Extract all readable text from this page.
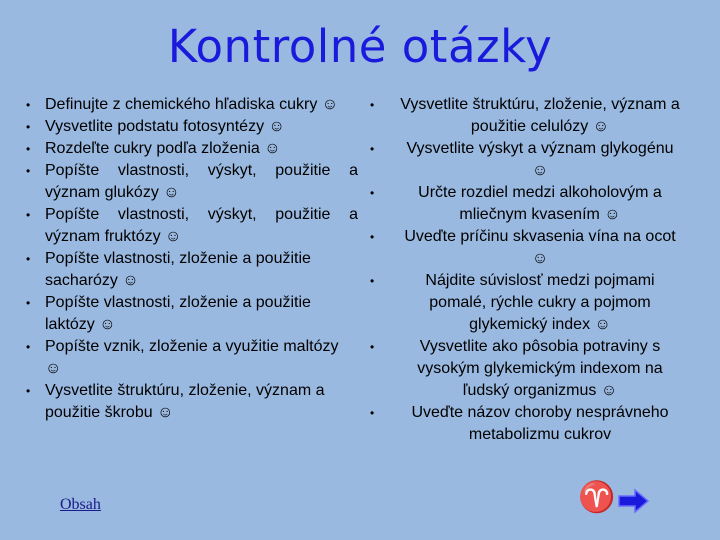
Kontrolné otázky
• Definujte z chemického hľadiska cukry ☺
• Vysvetlite podstatu fotosyntézy ☺
• Rozdeľte cukry podľa zloženia ☺
• Popíšte vlastnosti, výskyt, použitie a význam glukózy ☺
• Popíšte vlastnosti, výskyt, použitie a význam fruktózy ☺
• Popíšte vlastnosti, zloženie a použitie sacharózy ☺
• Popíšte vlastnosti, zloženie a použitie laktózy ☺
• Popíšte vznik, zloženie a využitie maltózy ☺
• Vysvetlite štruktúru, zloženie, význam a použitie škrobu ☺
• Vysvetlite štruktúru, zloženie, význam a použitie celulózy ☺
• Vysvetlite výskyt a význam glykogénu ☺
•	Určte rozdiel medzi alkoholovým a mliečnym kvasením ☺
• Uveďte príčinu skvasenia vína na ocot ☺
•	Nájdite súvislosť medzi pojmami pomalé, rýchle cukry a pojmom glykemický index ☺
•	Vysvetlite ako pôsobia potraviny s vysokým glykemickým indexom na ľudský organizmus ☺
• Uveďte názov choroby nesprávneho metabolizmu cukrov
Obsah	♈
